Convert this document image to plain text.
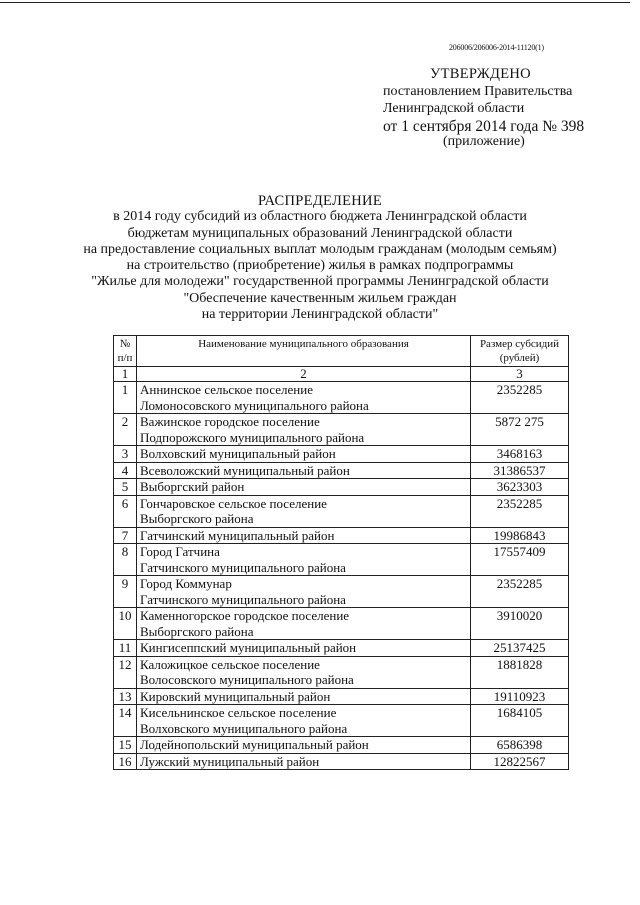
206006/206006-2014-11120(1)
УТВЕРЖДЕНО
постановлением Правительства
Ленинградской области
от 1 сентября 2014 года № 398
(приложение)
РАСПРЕДЕЛЕНИЕ
в 2014 году субсидий из областного бюджета Ленинградской области
бюджетам муниципальных образований Ленинградской области
на предоставление социальных выплат молодым гражданам (молодым семьям)
на строительство (приобретение) жилья в рамках подпрограммы
"Жилье для молодежи" государственной программы Ленинградской области
"Обеспечение качественным жильем граждан
на территории Ленинградской области"
№ п/п	Наименование муниципального образования	Размер субсидий (рублей)
1	2	3
1	Аннинское сельское поселение
Ломоносовского муниципального района	2352285
2	Важинское городское поселение
Подпорожского муниципального района	5872 275
3	Волховский муниципальный район	3468163
4	Всеволожский муниципальный район	31386537
5	Выборгский район	3623303
6	Гончаровское сельское поселение
Выборгского района	2352285
7	Гатчинский муниципальный район	19986843
8	Город Гатчина
Гатчинского муниципального района	17557409
9	Город Коммунар
Гатчинского муниципального района	2352285
10	Каменногорское городское поселение
Выборгского района	3910020
11	Кингисеппский муниципальный район	25137425
12	Каложицкое сельское поселение
Волосовского муниципального района	1881828
13	Кировский муниципальный район	19110923
14	Кисельнинское сельское поселение
Волховского муниципального района	1684105
15	Лодейнопольский муниципальный район	6586398
16	Лужский муниципальный район	12822567
